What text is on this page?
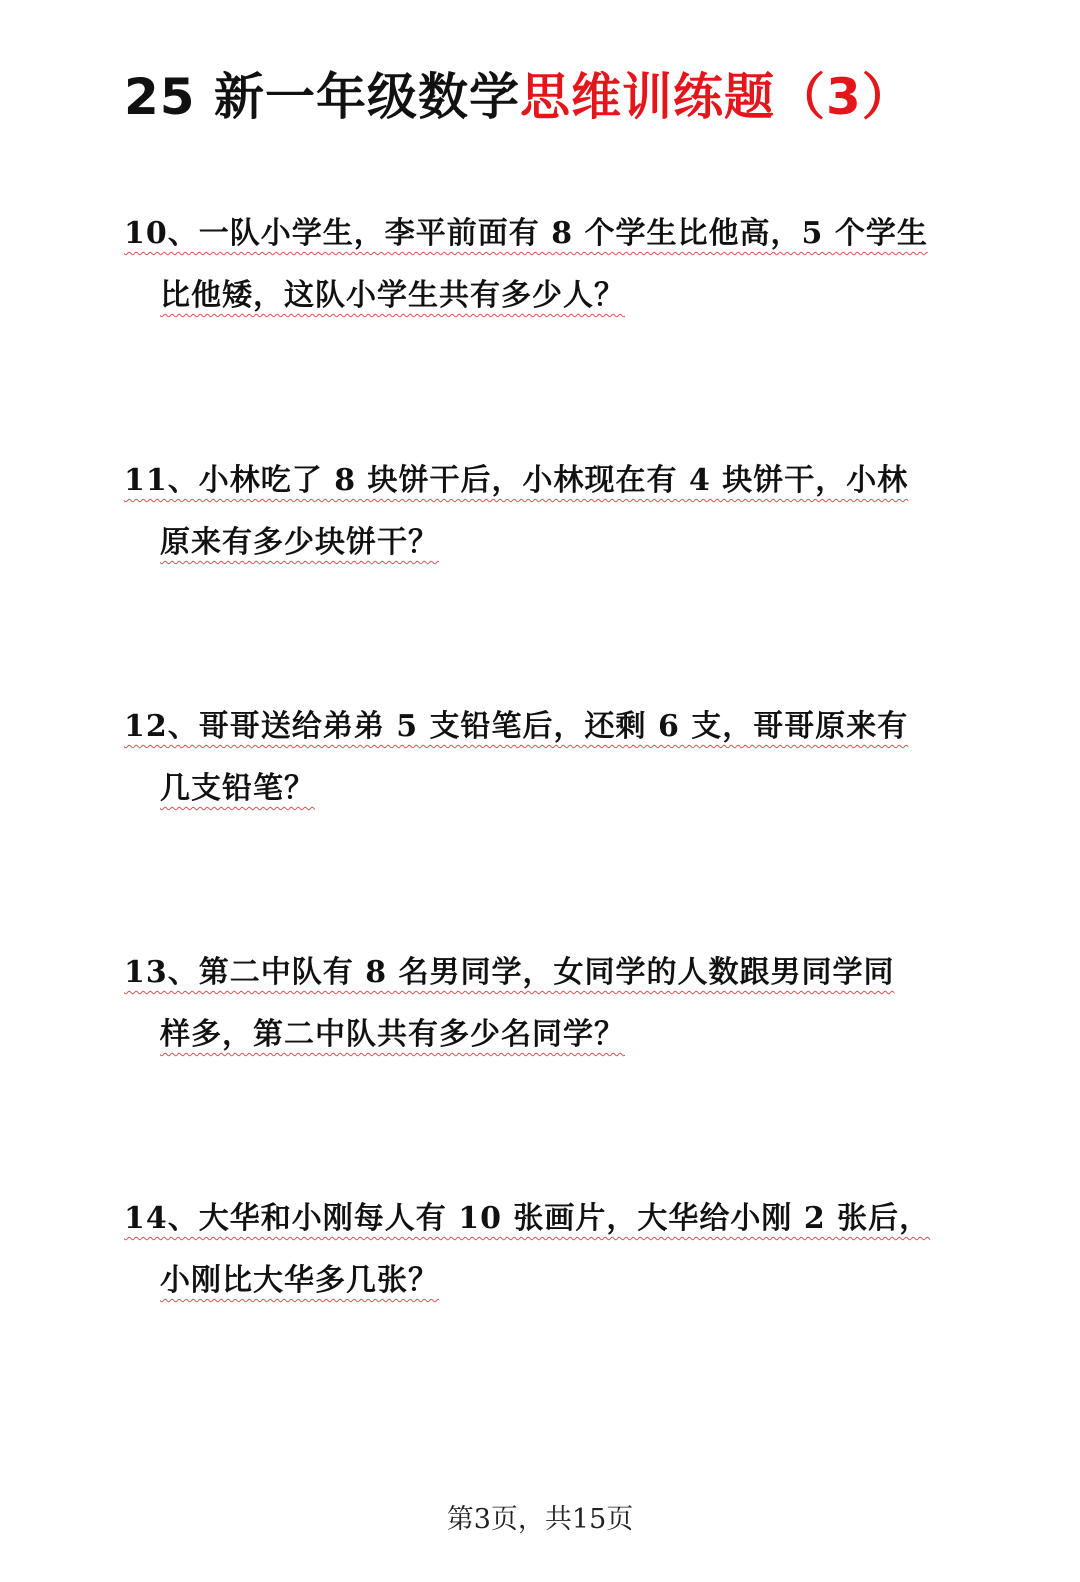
25 新一年级数学思维训练题（3）
10、一队小学生，李平前面有 8 个学生比他高，5 个学生
比他矮，这队小学生共有多少人？
11、小林吃了 8 块饼干后，小林现在有 4 块饼干，小林
原来有多少块饼干？
12、哥哥送给弟弟 5 支铅笔后，还剩 6 支，哥哥原来有
几支铅笔？
13、第二中队有 8 名男同学，女同学的人数跟男同学同
样多，第二中队共有多少名同学？
14、大华和小刚每人有 10 张画片，大华给小刚 2 张后，
小刚比大华多几张？
第3页，共15页
